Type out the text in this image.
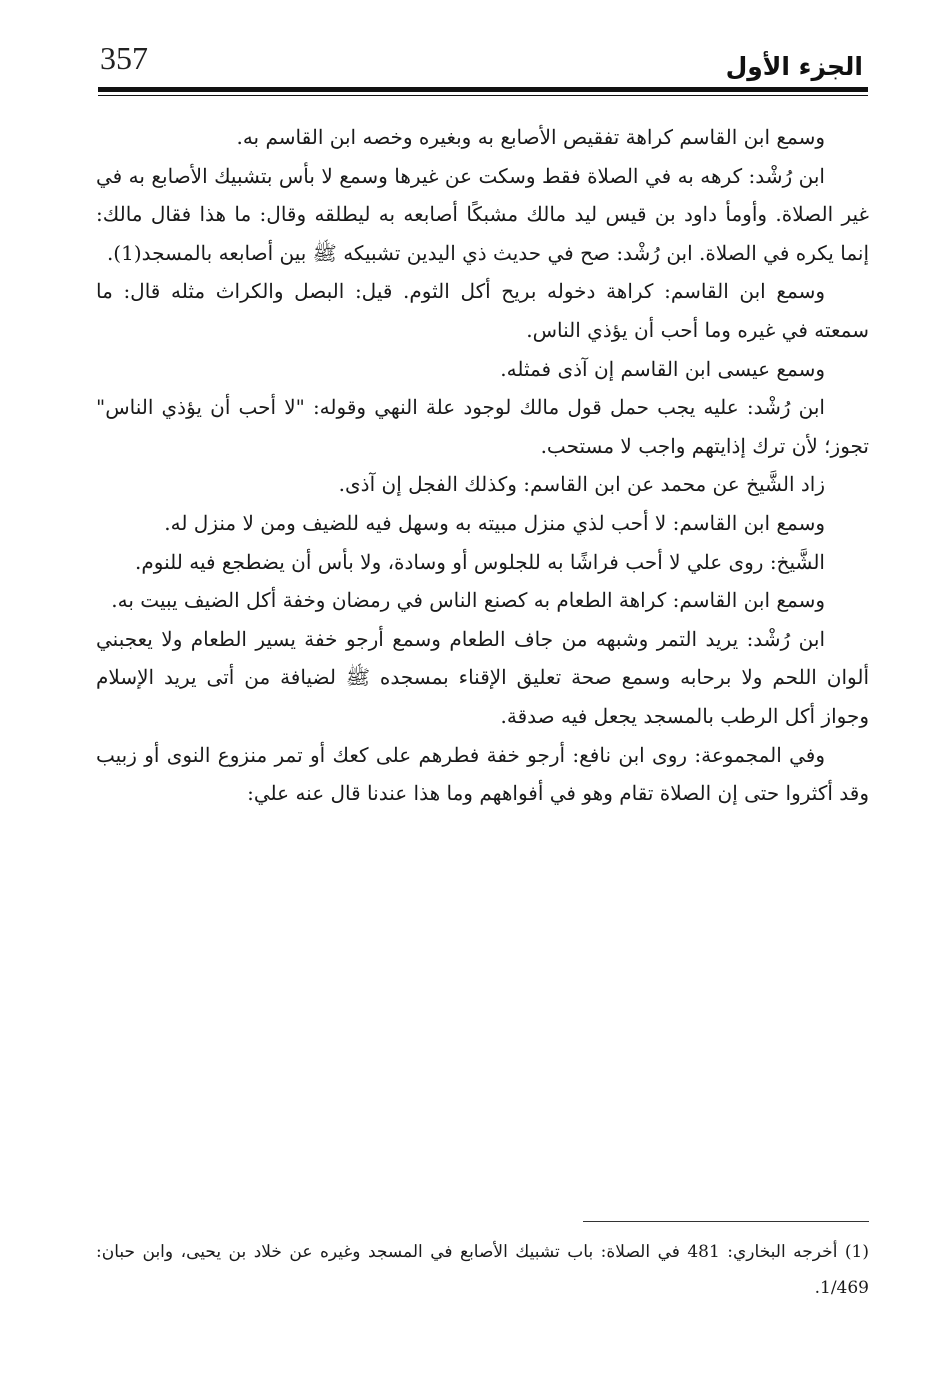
357	الجزء الأول

وسمع ابن القاسم كراهة تفقيص الأصابع به وبغيره وخصه ابن القاسم به.

ابن رُشْد: كرهه به في الصلاة فقط وسكت عن غيرها وسمع لا بأس بتشبيك الأصابع به في غير الصلاة. وأومأ داود بن قيس ليد مالك مشبكًا أصابعه به ليطلقه وقال: ما هذا فقال مالك: إنما يكره في الصلاة. ابن رُشْد: صح في حديث ذي اليدين تشبيكه ﷺ بين أصابعه بالمسجد(1).

وسمع ابن القاسم: كراهة دخوله بريح أكل الثوم. قيل: البصل والكراث مثله قال: ما سمعته في غيره وما أحب أن يؤذي الناس.

وسمع عيسى ابن القاسم إن آذى فمثله.

ابن رُشْد: عليه يجب حمل قول مالك لوجود علة النهي وقوله: "لا أحب أن يؤذي الناس" تجوز؛ لأن ترك إذايتهم واجب لا مستحب.

زاد الشَّيخ عن محمد عن ابن القاسم: وكذلك الفجل إن آذى.

وسمع ابن القاسم: لا أحب لذي منزل مبيته به وسهل فيه للضيف ومن لا منزل له.

الشَّيخ: روى علي لا أحب فراشًا به للجلوس أو وسادة، ولا بأس أن يضطجع فيه للنوم.

وسمع ابن القاسم: كراهة الطعام به كصنع الناس في رمضان وخفة أكل الضيف يبيت به.

ابن رُشْد: يريد التمر وشبهه من جاف الطعام وسمع أرجو خفة يسير الطعام ولا يعجبني ألوان اللحم ولا برحابه وسمع صحة تعليق الإقناء بمسجده ﷺ لضيافة من أتى يريد الإسلام وجواز أكل الرطب بالمسجد يجعل فيه صدقة.

وفي المجموعة: روى ابن نافع: أرجو خفة فطرهم على كعك أو تمر منزوع النوى أو زبيب وقد أكثروا حتى إن الصلاة تقام وهو في أفواههم وما هذا عندنا قال عنه علي:

(1) أخرجه البخاري: 481 في الصلاة: باب تشبيك الأصابع في المسجد وغيره عن خلاد بن يحيى، وابن حبان: 1/469.
